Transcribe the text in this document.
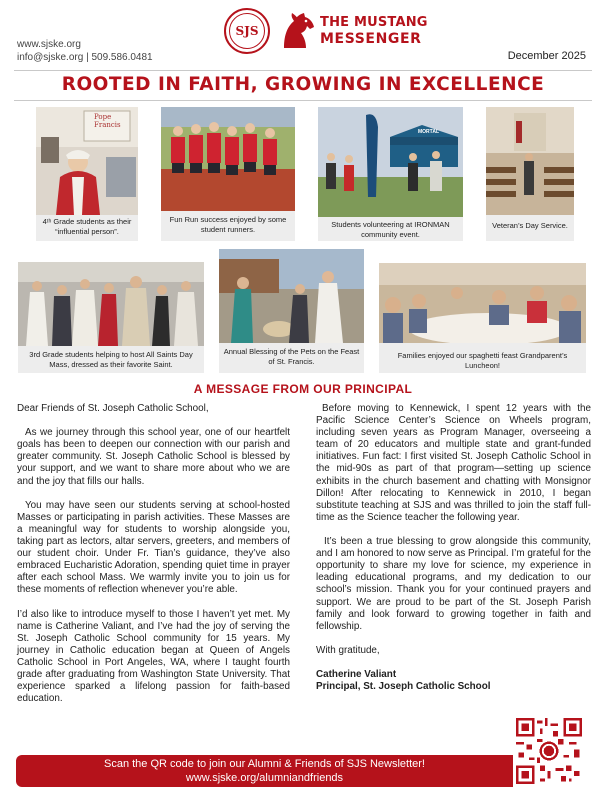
www.sjske.org
info@sjske.org | 509.586.0481
SJS
THE MUSTANG
MESSENGER
December 2025
ROOTED IN FAITH, GROWING IN EXCELLENCE
Pope Francis
4ᵗʰ Grade students as their “influential person”.
Fun Run success enjoyed by some student runners.
MORTAL
Students volunteering at IRONMAN community event.
Veteran’s Day Service.
3rd Grade students helping to host All Saints Day Mass, dressed as their favorite Saint.
Annual Blessing of the Pets on the Feast of St. Francis.
Families enjoyed our spaghetti feast Grandparent’s Luncheon!
A MESSAGE FROM OUR PRINCIPAL

Dear Friends of St. Joseph Catholic School,

As we journey through this school year, one of our heartfelt goals has been to deepen our connection with our parish and greater community. St. Joseph Catholic School is blessed by your support, and we want to share more about who we are and the joy that fills our halls.

You may have seen our students serving at school-hosted Masses or participating in parish activities. These Masses are a meaningful way for students to worship alongside you, taking part as lectors, altar servers, greeters, and members of our student choir. Under Fr. Tian’s guidance, they’ve also embraced Eucharistic Adoration, spending quiet time in prayer after each school Mass. We warmly invite you to join us for these moments of reflection whenever you’re able.

I’d also like to introduce myself to those I haven’t yet met. My name is Catherine Valiant, and I’ve had the joy of serving the St. Joseph Catholic School community for 15 years. My journey in Catholic education began at Queen of Angels Catholic School in Port Angeles, WA, where I taught fourth grade after graduating from Washington State University. That experience sparked a lifelong passion for faith-based education.

Before moving to Kennewick, I spent 12 years with the Pacific Science Center’s Science on Wheels program, including seven years as Program Manager, overseeing a team of 20 educators and multiple state and grant-funded initiatives. Fun fact: I first visited St. Joseph Catholic School in the mid-90s as part of that program—setting up science exhibits in the church basement and chatting with Monsignor Dillon! After relocating to Kennewick in 2010, I began substitute teaching at SJS and was thrilled to join the staff full-time as the Science teacher the following year.

It’s been a true blessing to grow alongside this community, and I am honored to now serve as Principal. I’m grateful for the opportunity to share my love for science, my experience in leading educational programs, and my dedication to our school’s mission. Thank you for your continued prayers and support. We are proud to be part of the St. Joseph Parish family and look forward to growing together in faith and fellowship.

With gratitude,

Catherine Valiant
Principal, St. Joseph Catholic School
Scan the QR code to join our Alumni & Friends of SJS Newsletter!
www.sjske.org/alumniandfriends
